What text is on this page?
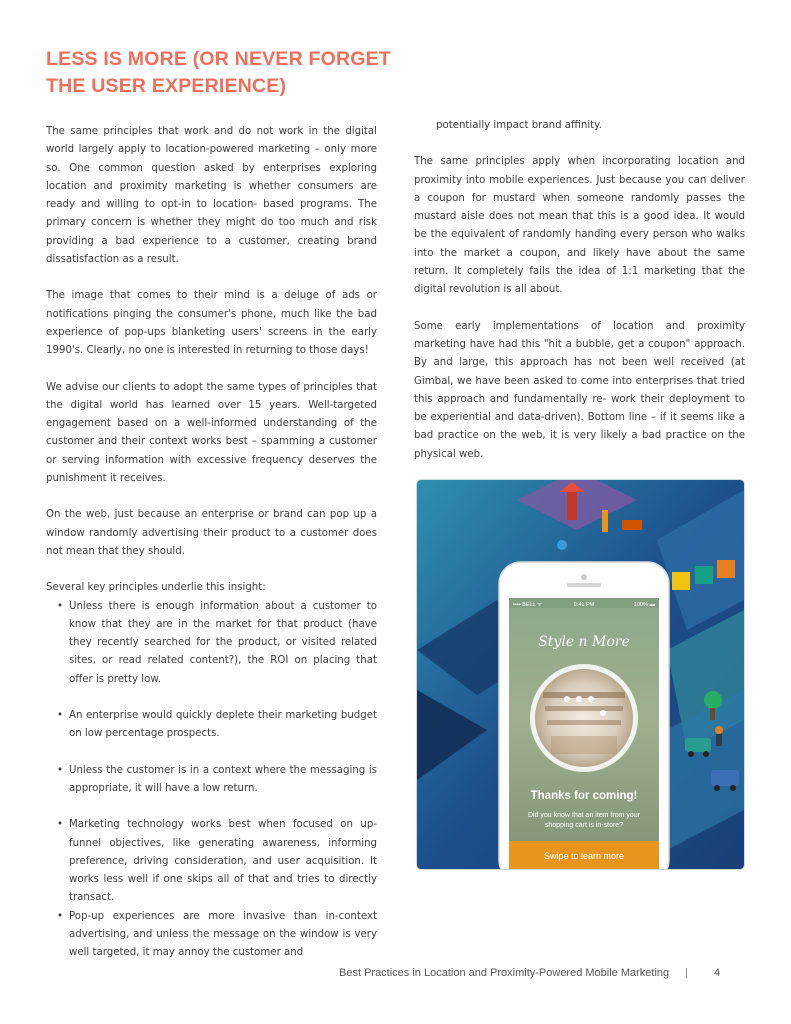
LESS IS MORE (OR NEVER FORGET
THE USER EXPERIENCE)

The same principles that work and do not work in the digital world largely apply to location-powered marketing – only more so. One common question asked by enterprises exploring location and proximity marketing is whether consumers are ready and willing to opt-in to location- based programs. The primary concern is whether they might do too much and risk providing a bad experience to a customer, creating brand dissatisfaction as a result.

The image that comes to their mind is a deluge of ads or notifications pinging the consumer's phone, much like the bad experience of pop-ups blanketing users' screens in the early 1990's. Clearly, no one is interested in returning to those days!

We advise our clients to adopt the same types of principles that the digital world has learned over 15 years. Well-targeted engagement based on a well-informed understanding of the customer and their context works best – spamming a customer or serving information with excessive frequency deserves the punishment it receives.

On the web, just because an enterprise or brand can pop up a window randomly advertising their product to a customer does not mean that they should.

Several key principles underlie this insight:

• Unless there is enough information about a customer to know that they are in the market for that product (have they recently searched for the product, or visited related sites, or read related content?), the ROI on placing that offer is pretty low.
• An enterprise would quickly deplete their marketing budget on low percentage prospects.
• Unless the customer is in a context where the messaging is appropriate, it will have a low return.
• Marketing technology works best when focused on up-funnel objectives, like generating awareness, informing preference, driving consideration, and user acquisition. It works less well if one skips all of that and tries to directly transact.
• Pop-up experiences are more invasive than in-context advertising, and unless the message on the window is very well targeted, it may annoy the customer and

potentially impact brand affinity.

The same principles apply when incorporating location and proximity into mobile experiences. Just because you can deliver a coupon for mustard when someone randomly passes the mustard aisle does not mean that this is a good idea. It would be the equivalent of randomly handing every person who walks into the market a coupon, and likely have about the same return. It completely fails the idea of 1:1 marketing that the digital revolution is all about.

Some early implementations of location and proximity marketing have had this "hit a bubble, get a coupon" approach. By and large, this approach has not been well received (at Gimbal, we have been asked to come into enterprises that tried this approach and fundamentally re- work their deployment to be experiential and data-driven). Bottom line – if it seems like a bad practice on the web, it is very likely a bad practice on the physical web.

•••• BELL ᯤ	9:41 PM	100% ▬
Style n More
Thanks for coming!
Did you know that an item from your
shopping cart is in-store?
Swipe to learn more
Best Practices in Location and Proximity-Powered Mobile Marketing | 4
